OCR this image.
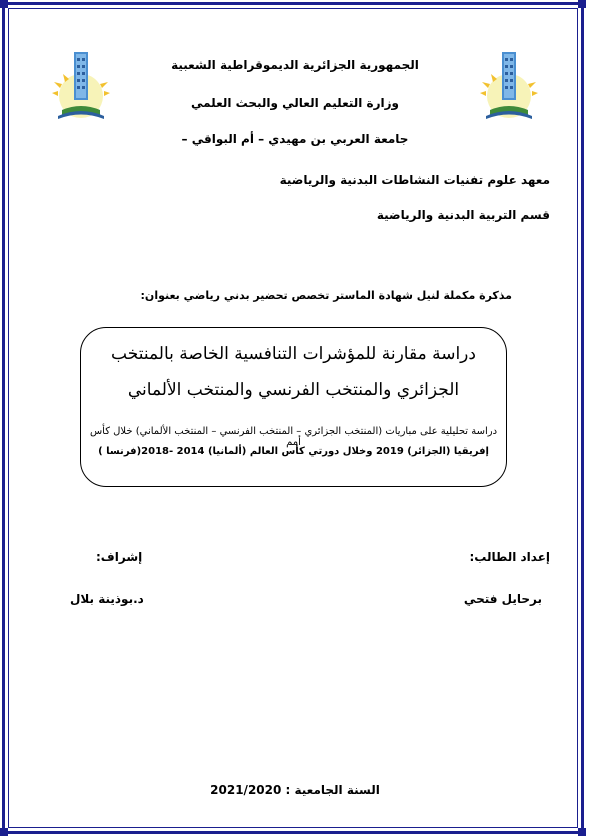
الجمهورية الجزائرية الديموقراطية الشعبية
وزارة التعليم العالي والبحث العلمي
جامعة العربي بن مهيدي – أم البواقي –
معهد علوم تفنيات النشاطات البدنية والرياضية
قسم التربية البدنية والرياضية
مذكرة مكملة لنيل شهادة الماستر تخصص تحضير بدني رياضي بعنوان:
دراسة مقارنة للمؤشرات التنافسية الخاصة بالمنتخب
الجزائري والمنتخب الفرنسي والمنتخب الألماني
دراسة تحليلية على مباريات (المنتخب الجزائري – المنتخب الفرنسي – المنتخب الألماني) خلال كأس أمم
إفريقيا (الجزائر) 2019 وخلال دورتي كأس العالم (ألمانيا) 2014 -2018(فرنسا )
إعداد الطالب:
برحايل فتحي
إشراف:
د.بوذينة بلال
السنة الجامعية : 2021/2020
